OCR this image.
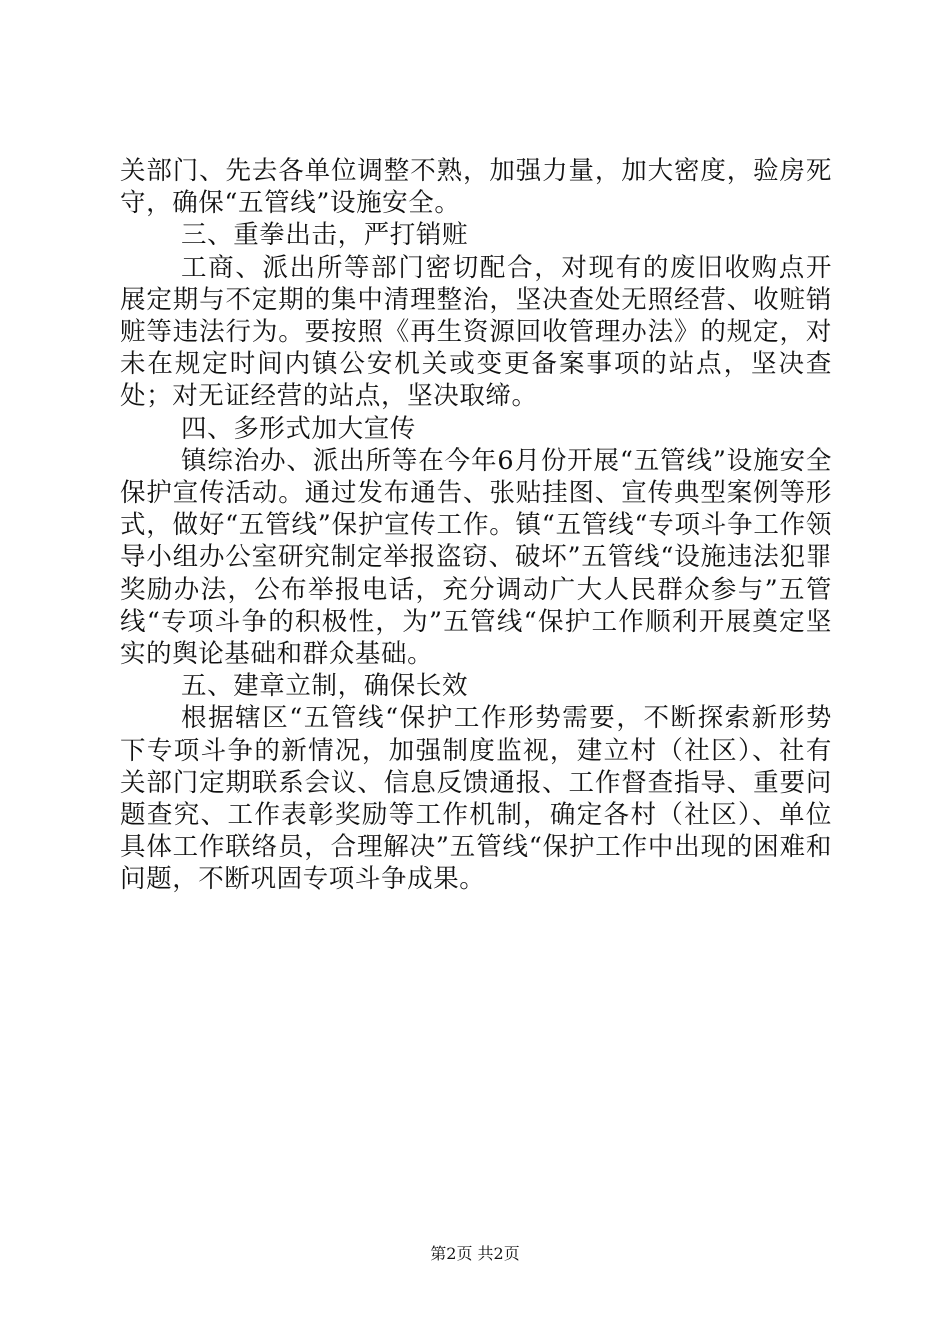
关部门、先去各单位调整不熟，加强力量，加大密度，验房死守，确保“五管线”设施安全。

三、重拳出击，严打销赃

工商、派出所等部门密切配合，对现有的废旧收购点开展定期与不定期的集中清理整治，坚决查处无照经营、收赃销赃等违法行为。要按照《再生资源回收管理办法》的规定，对未在规定时间内镇公安机关或变更备案事项的站点，坚决查处；对无证经营的站点，坚决取缔。

四、多形式加大宣传

镇综治办、派出所等在今年6月份开展“五管线”设施安全保护宣传活动。通过发布通告、张贴挂图、宣传典型案例等形式，做好“五管线”保护宣传工作。镇“五管线“专项斗争工作领导小组办公室研究制定举报盗窃、破坏”五管线“设施违法犯罪奖励办法，公布举报电话，充分调动广大人民群众参与”五管线“专项斗争的积极性，为”五管线“保护工作顺利开展奠定坚实的舆论基础和群众基础。

五、建章立制，确保长效

根据辖区“五管线“保护工作形势需要，不断探索新形势下专项斗争的新情况，加强制度监视，建立村（社区）、社有关部门定期联系会议、信息反馈通报、工作督查指导、重要问题查究、工作表彰奖励等工作机制，确定各村（社区）、单位具体工作联络员，合理解决”五管线“保护工作中出现的困难和问题，不断巩固专项斗争成果。

第2页 共2页
